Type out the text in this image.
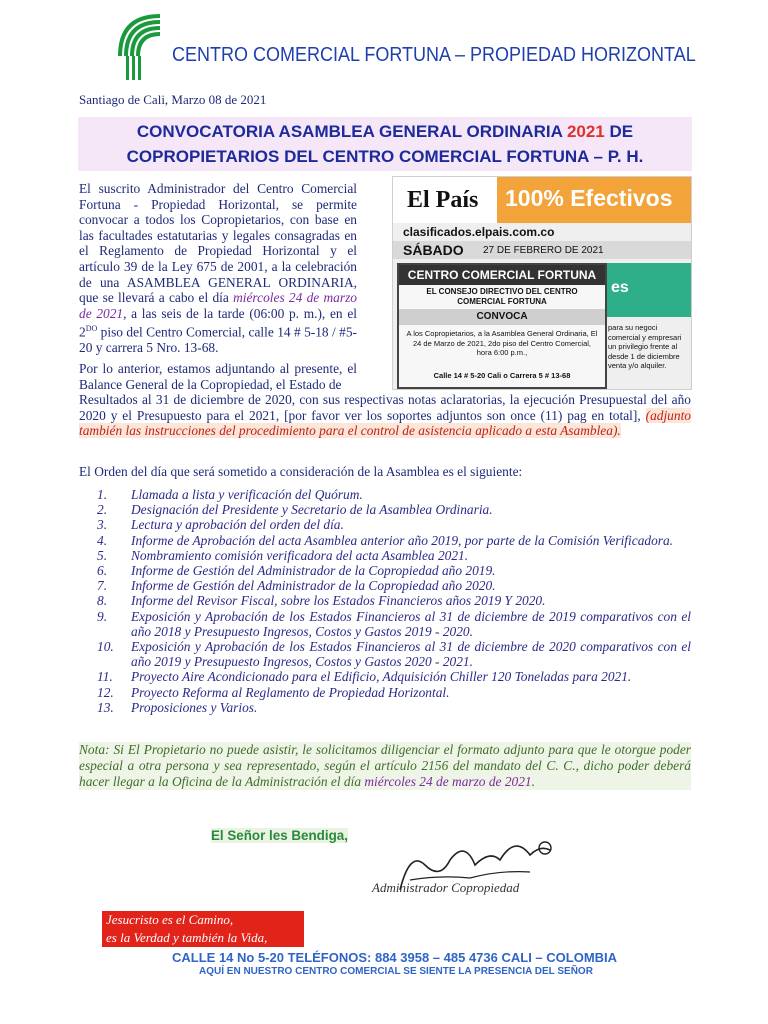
CENTRO COMERCIAL FORTUNA – PROPIEDAD HORIZONTAL
Santiago de Cali, Marzo 08 de 2021
CONVOCATORIA ASAMBLEA GENERAL ORDINARIA 2021 DE
COPROPIETARIOS DEL CENTRO COMERCIAL FORTUNA – P. H.
El suscrito Administrador del Centro Comercial Fortuna - Propiedad Horizontal, se permite convocar a todos los Copropietarios, con base en las facultades estatutarias y legales consagradas en el Reglamento de Propiedad Horizontal y el artículo 39 de la Ley 675 de 2001, a la celebración de una ASAMBLEA GENERAL ORDINARIA, que se llevará a cabo el día miércoles 24 de marzo de 2021, a las seis de la tarde (06:00 p. m.), en el $2^{DO}$ piso del Centro Comercial, calle 14 # 5-18 / #5-20 y carrera 5 Nro. 13-68.
Por lo anterior, estamos adjuntando al presente, el Balance General de la Copropiedad, el Estado de
Resultados al 31 de diciembre de 2020, con sus respectivas notas aclaratorias, la ejecución Presupuestal del año 2020 y el Presupuesto para el 2021, [por favor ver los soportes adjuntos son once (11) pag en total], (adjunto también las instrucciones del procedimiento para el control de asistencia aplicado a esta Asamblea).
El País 100% Efectivos
clasificados.elpais.com.co
SÁBADO 27 DE FEBRERO DE 2021
CENTRO COMERCIAL FORTUNA
EL CONSEJO DIRECTIVO DEL CENTRO COMERCIAL FORTUNA
CONVOCA
A los Copropietarios, a la Asamblea General Ordinaria, El 24 de Marzo de 2021, 2do piso del Centro Comercial, hora 6:00 p.m.,
Calle 14 # 5-20 Cali o Carrera 5 # 13-68
es
para su negoci comercial y empresari un privilegio frente al desde 1 de diciembre venta y/o alquiler.
El Orden del día que será sometido a consideración de la Asamblea es el siguiente:
1. Llamada a lista y verificación del Quórum.
2. Designación del Presidente y Secretario de la Asamblea Ordinaria.
3. Lectura y aprobación del orden del día.
4. Informe de Aprobación del acta Asamblea anterior año 2019, por parte de la Comisión Verificadora.
5. Nombramiento comisión verificadora del acta Asamblea 2021.
6. Informe de Gestión del Administrador de la Copropiedad año 2019.
7. Informe de Gestión del Administrador de la Copropiedad año 2020.
8. Informe del Revisor Fiscal, sobre los Estados Financieros años 2019 Y 2020.
9. Exposición y Aprobación de los Estados Financieros al 31 de diciembre de 2019 comparativos con el año 2018 y Presupuesto Ingresos, Costos y Gastos 2019 - 2020.
10. Exposición y Aprobación de los Estados Financieros al 31 de diciembre de 2020 comparativos con el año 2019 y Presupuesto Ingresos, Costos y Gastos 2020 - 2021.
11. Proyecto Aire Acondicionado para el Edificio, Adquisición Chiller 120 Toneladas para 2021.
12. Proyecto Reforma al Reglamento de Propiedad Horizontal.
13. Proposiciones y Varios.
Nota: Si El Propietario no puede asistir, le solicitamos diligenciar el formato adjunto para que le otorgue poder especial a otra persona y sea representado, según el artículo 2156 del mandato del C. C., dicho poder deberá hacer llegar a la Oficina de la Administración el día miércoles 24 de marzo de 2021.
El Señor les Bendiga,
Administrador Copropiedad
Jesucristo es el Camino,
es la Verdad y también la Vida,
CALLE 14 No 5-20 TELÉFONOS: 884 3958 – 485 4736 CALI – COLOMBIA
AQUÍ EN NUESTRO CENTRO COMERCIAL SE SIENTE LA PRESENCIA DEL SEÑOR
